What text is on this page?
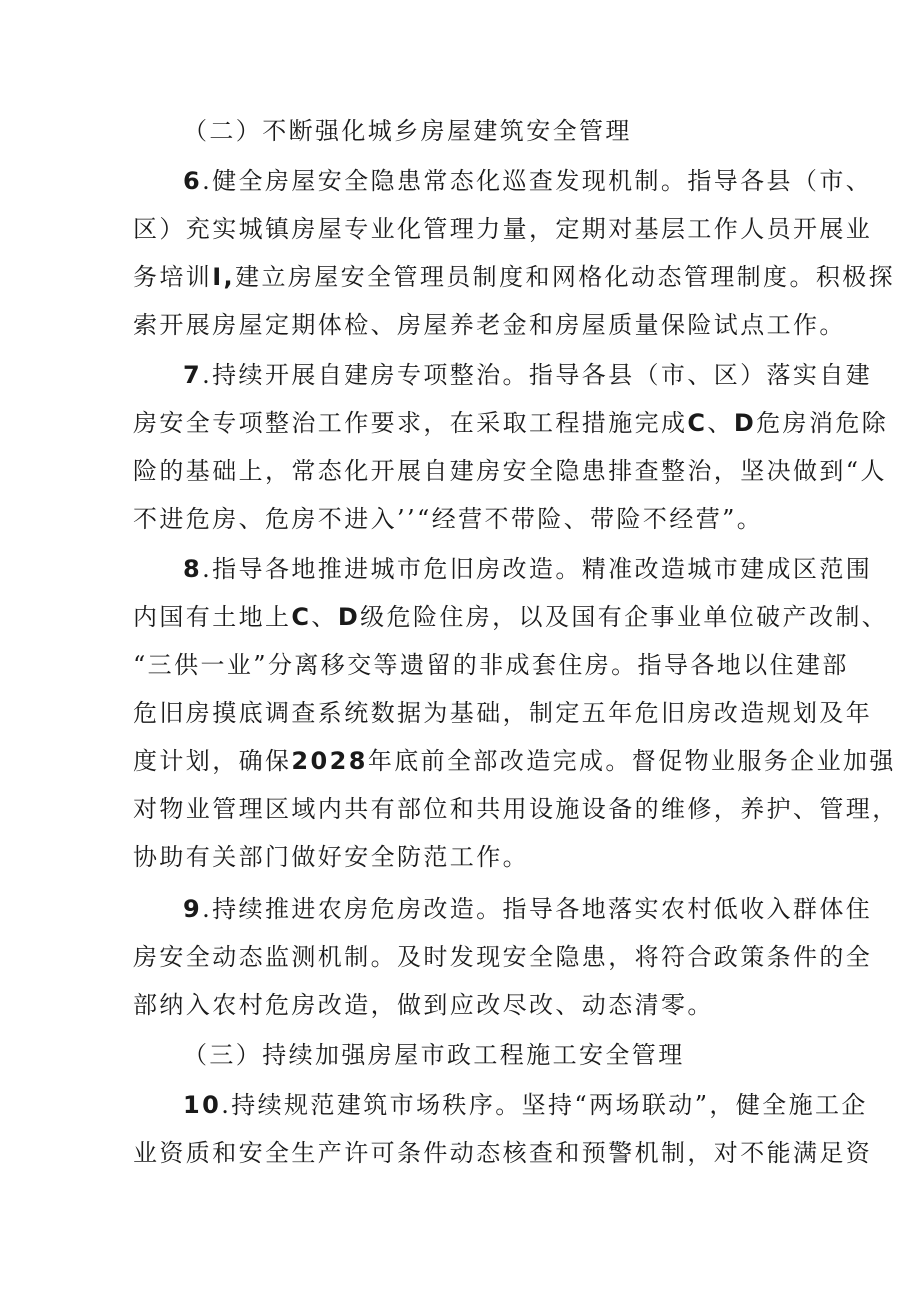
（二）不断强化城乡房屋建筑安全管理
6.健全房屋安全隐患常态化巡查发现机制。指导各县（市、
区）充实城镇房屋专业化管理力量，定期对基层工作人员开展业
务培训I,建立房屋安全管理员制度和网格化动态管理制度。积极探
索开展房屋定期体检、房屋养老金和房屋质量保险试点工作。
7.持续开展自建房专项整治。指导各县（市、区）落实自建
房安全专项整治工作要求，在采取工程措施完成C、D危房消危除
险的基础上，常态化开展自建房安全隐患排查整治，坚决做到“人
不进危房、危房不进入’’“经营不带险、带险不经营”。
8.指导各地推进城市危旧房改造。精准改造城市建成区范围
内国有土地上C、D级危险住房，以及国有企事业单位破产改制、
“三供一业”分离移交等遗留的非成套住房。指导各地以住建部
危旧房摸底调查系统数据为基础，制定五年危旧房改造规划及年
度计划，确保2028年底前全部改造完成。督促物业服务企业加强
对物业管理区域内共有部位和共用设施设备的维修，养护、管理，
协助有关部门做好安全防范工作。
9.持续推进农房危房改造。指导各地落实农村低收入群体住
房安全动态监测机制。及时发现安全隐患，将符合政策条件的全
部纳入农村危房改造，做到应改尽改、动态清零。
（三）持续加强房屋市政工程施工安全管理
10.持续规范建筑市场秩序。坚持“两场联动”，健全施工企
业资质和安全生产许可条件动态核查和预警机制，对不能满足资
